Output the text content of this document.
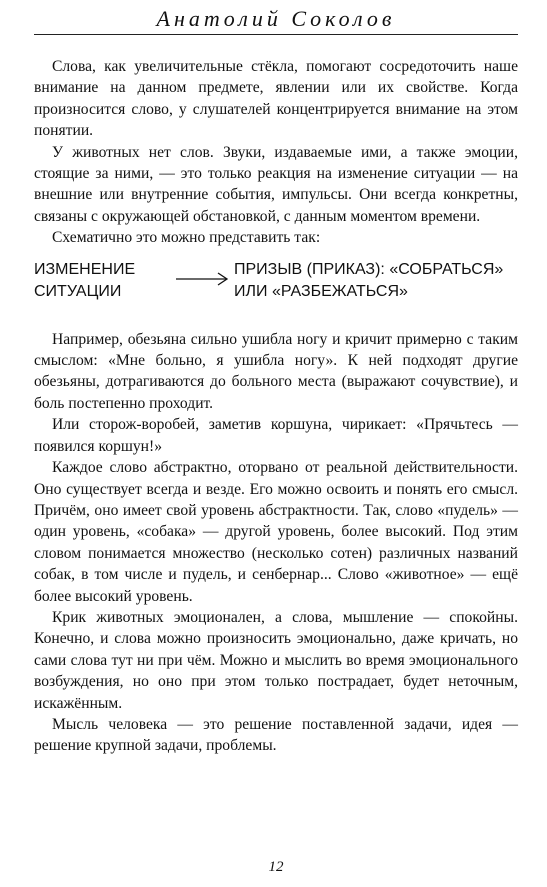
Анатолий Соколов

Слова, как увеличительные стёкла, помогают сосредоточить наше внимание на данном предмете, явлении или их свойстве. Когда произносится слово, у слушателей концентрируется внимание на этом понятии.

У животных нет слов. Звуки, издаваемые ими, а также эмоции, стоящие за ними, — это только реакция на изменение ситуации — на внешние или внутренние события, импульсы. Они всегда конкретны, связаны с окружающей обстановкой, с данным моментом времени.

Схематично это можно представить так:

ИЗМЕНЕНИЕ
СИТУАЦИИ
ПРИЗЫВ (ПРИКАЗ): «СОБРАТЬСЯ»
ИЛИ «РАЗБЕЖАТЬСЯ»

Например, обезьяна сильно ушибла ногу и кричит примерно с таким смыслом: «Мне больно, я ушибла ногу». К ней подходят другие обезьяны, дотрагиваются до больного места (выражают сочувствие), и боль постепенно проходит.

Или сторож-воробей, заметив коршуна, чирикает: «Прячьтесь — появился коршун!»

Каждое слово абстрактно, оторвано от реальной действительности. Оно существует всегда и везде. Его можно освоить и понять его смысл. Причём, оно имеет свой уровень абстрактности. Так, слово «пудель» — один уровень, «собака» — другой уровень, более высокий. Под этим словом понимается множество (несколько сотен) различных названий собак, в том числе и пудель, и сенбернар... Слово «животное» — ещё более высокий уровень.

Крик животных эмоционален, а слова, мышление — спокойны. Конечно, и слова можно произносить эмоционально, даже кричать, но сами слова тут ни при чём. Можно и мыслить во время эмоционального возбуждения, но оно при этом только пострадает, будет неточным, искажённым.

Мысль человека — это решение поставленной задачи, идея — решение крупной задачи, проблемы.

12
